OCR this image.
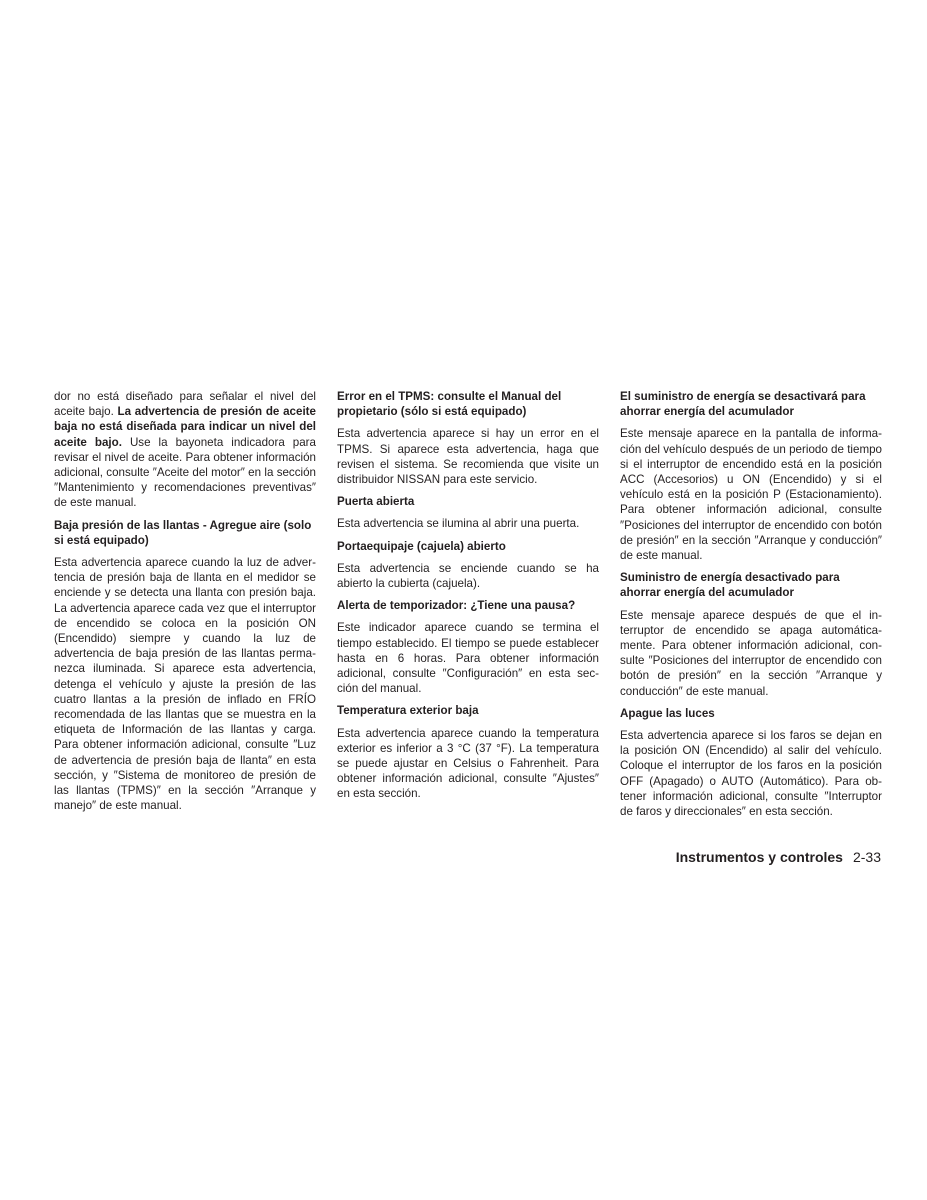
dor no está diseñado para señalar el nivel del aceite bajo. La advertencia de presión de aceite baja no está diseñada para indicar un nivel del aceite bajo. Use la bayoneta indicadora para revisar el nivel de aceite. Para obtener información adicional, consulte ″Aceite del motor″ en la sección ″Mantenimiento y recomendaciones preventivas″ de este manual.

Baja presión de las llantas - Agregue aire (solo si está equipado)

Esta advertencia aparece cuando la luz de advertencia de presión baja de llanta en el medidor se enciende y se detecta una llanta con presión baja. La advertencia aparece cada vez que el interruptor de encendido se coloca en la posición ON (Encendido) siempre y cuando la luz de advertencia de baja presión de las llantas permanezca iluminada. Si aparece esta advertencia, detenga el vehículo y ajuste la presión de las cuatro llantas a la presión de inflado en FRÍO recomendada de las llantas que se muestra en la etiqueta de Información de las llantas y carga. Para obtener información adicional, consulte ″Luz de advertencia de presión baja de llanta″ en esta sección, y ″Sistema de monitoreo de presión de las llantas (TPMS)″ en la sección ″Arranque y manejo″ de este manual.

Error en el TPMS: consulte el Manual del propietario (sólo si está equipado)

Esta advertencia aparece si hay un error en el TPMS. Si aparece esta advertencia, haga que revisen el sistema. Se recomienda que visite un distribuidor NISSAN para este servicio.

Puerta abierta

Esta advertencia se ilumina al abrir una puerta.

Portaequipaje (cajuela) abierto

Esta advertencia se enciende cuando se ha abierto la cubierta (cajuela).

Alerta de temporizador: ¿Tiene una pausa?

Este indicador aparece cuando se termina el tiempo establecido. El tiempo se puede establecer hasta en 6 horas. Para obtener información adicional, consulte ″Configuración″ en esta sección del manual.

Temperatura exterior baja

Esta advertencia aparece cuando la temperatura exterior es inferior a 3 °C (37 °F). La temperatura se puede ajustar en Celsius o Fahrenheit. Para obtener información adicional, consulte ″Ajustes″ en esta sección.

El suministro de energía se desactivará para ahorrar energía del acumulador

Este mensaje aparece en la pantalla de información del vehículo después de un periodo de tiempo si el interruptor de encendido está en la posición ACC (Accesorios) u ON (Encendido) y si el vehículo está en la posición P (Estacionamiento). Para obtener información adicional, consulte ″Posiciones del interruptor de encendido con botón de presión″ en la sección ″Arranque y conducción″ de este manual.

Suministro de energía desactivado para ahorrar energía del acumulador

Este mensaje aparece después de que el interruptor de encendido se apaga automáticamente. Para obtener información adicional, consulte ″Posiciones del interruptor de encendido con botón de presión″ en la sección ″Arranque y conducción″ de este manual.

Apague las luces

Esta advertencia aparece si los faros se dejan en la posición ON (Encendido) al salir del vehículo. Coloque el interruptor de los faros en la posición OFF (Apagado) o AUTO (Automático). Para obtener información adicional, consulte ″Interruptor de faros y direccionales″ en esta sección.

Instrumentos y controles 2-33
